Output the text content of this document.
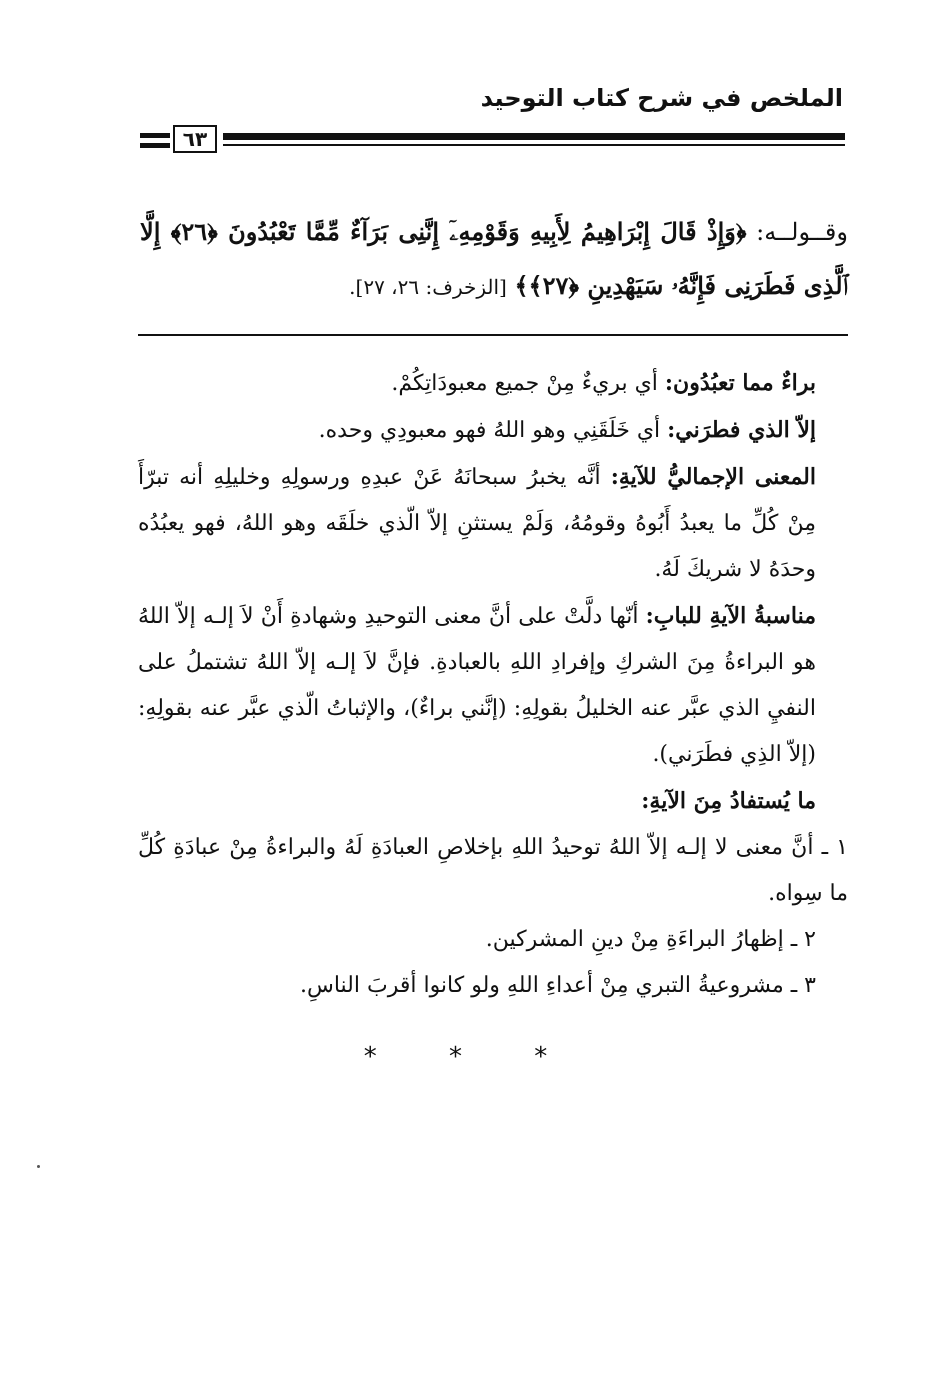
الملخص في شرح كتاب التوحيد
٦٣
وقــولــه: ﴿وَإِذْ قَالَ إِبْرَاهِيمُ لِأَبِيهِ وَقَوْمِهِۦٓ إِنَّنِى بَرَآءٌ مِّمَّا تَعْبُدُونَ ﴿٢٦﴾ إِلَّا ٱلَّذِى فَطَرَنِى فَإِنَّهُۥ سَيَهْدِينِ ﴿٢٧﴾﴾ [الزخرف: ٢٦، ٢٧].

براءٌ مما تعبُدُون: أي بريءٌ مِنْ جميع معبودَاتِكُمْ.

إلاّ الذي فطرَني: أي خَلَقَنِي وهو اللهُ فهو معبودِي وحده.

المعنى الإجماليُّ للآيةِ: أنَّه يخبرُ سبحانَهُ عَنْ عبدِهِ ورسولِهِ وخليلِهِ أنه تبرّأَ مِنْ كُلِّ ما يعبدُ أَبُوهُ وقومُهُ، وَلَمْ يستثنِ إلاّ الّذي خلَقَه وهو اللهُ، فهو يعبُدُه وحدَهُ لا شريكَ لَهُ.

مناسبةُ الآيةِ للبابِ: أنّها دلَّتْ على أنَّ معنى التوحيدِ وشهادةِ أَنْ لاَ إلـه إلاّ اللهُ هو البراءةُ مِنَ الشركِ وإفرادِ اللهِ بالعبادةِ. فإنَّ لاَ إلـه إلاّ اللهُ تشتملُ على النفيِ الذي عبَّر عنه الخليلُ بقولِهِ: (إنَّني براءٌ)، والإثباتُ الّذي عبَّر عنه بقولِهِ: (إلاّ الذِي فطَرَني).

ما يُستفادُ مِنَ الآيةِ:

١ ـ أنَّ معنى لا إلـه إلاّ اللهُ توحيدُ اللهِ بإخلاصِ العبادَةِ لَهُ والبراءةُ مِنْ عبادَةِ كُلِّ ما سِواه.

٢ ـ إظهارُ البراءَةِ مِنْ دينِ المشركين.

٣ ـ مشروعيةُ التبري مِنْ أعداءِ اللهِ ولو كانوا أقربَ الناسِ.

* * *
